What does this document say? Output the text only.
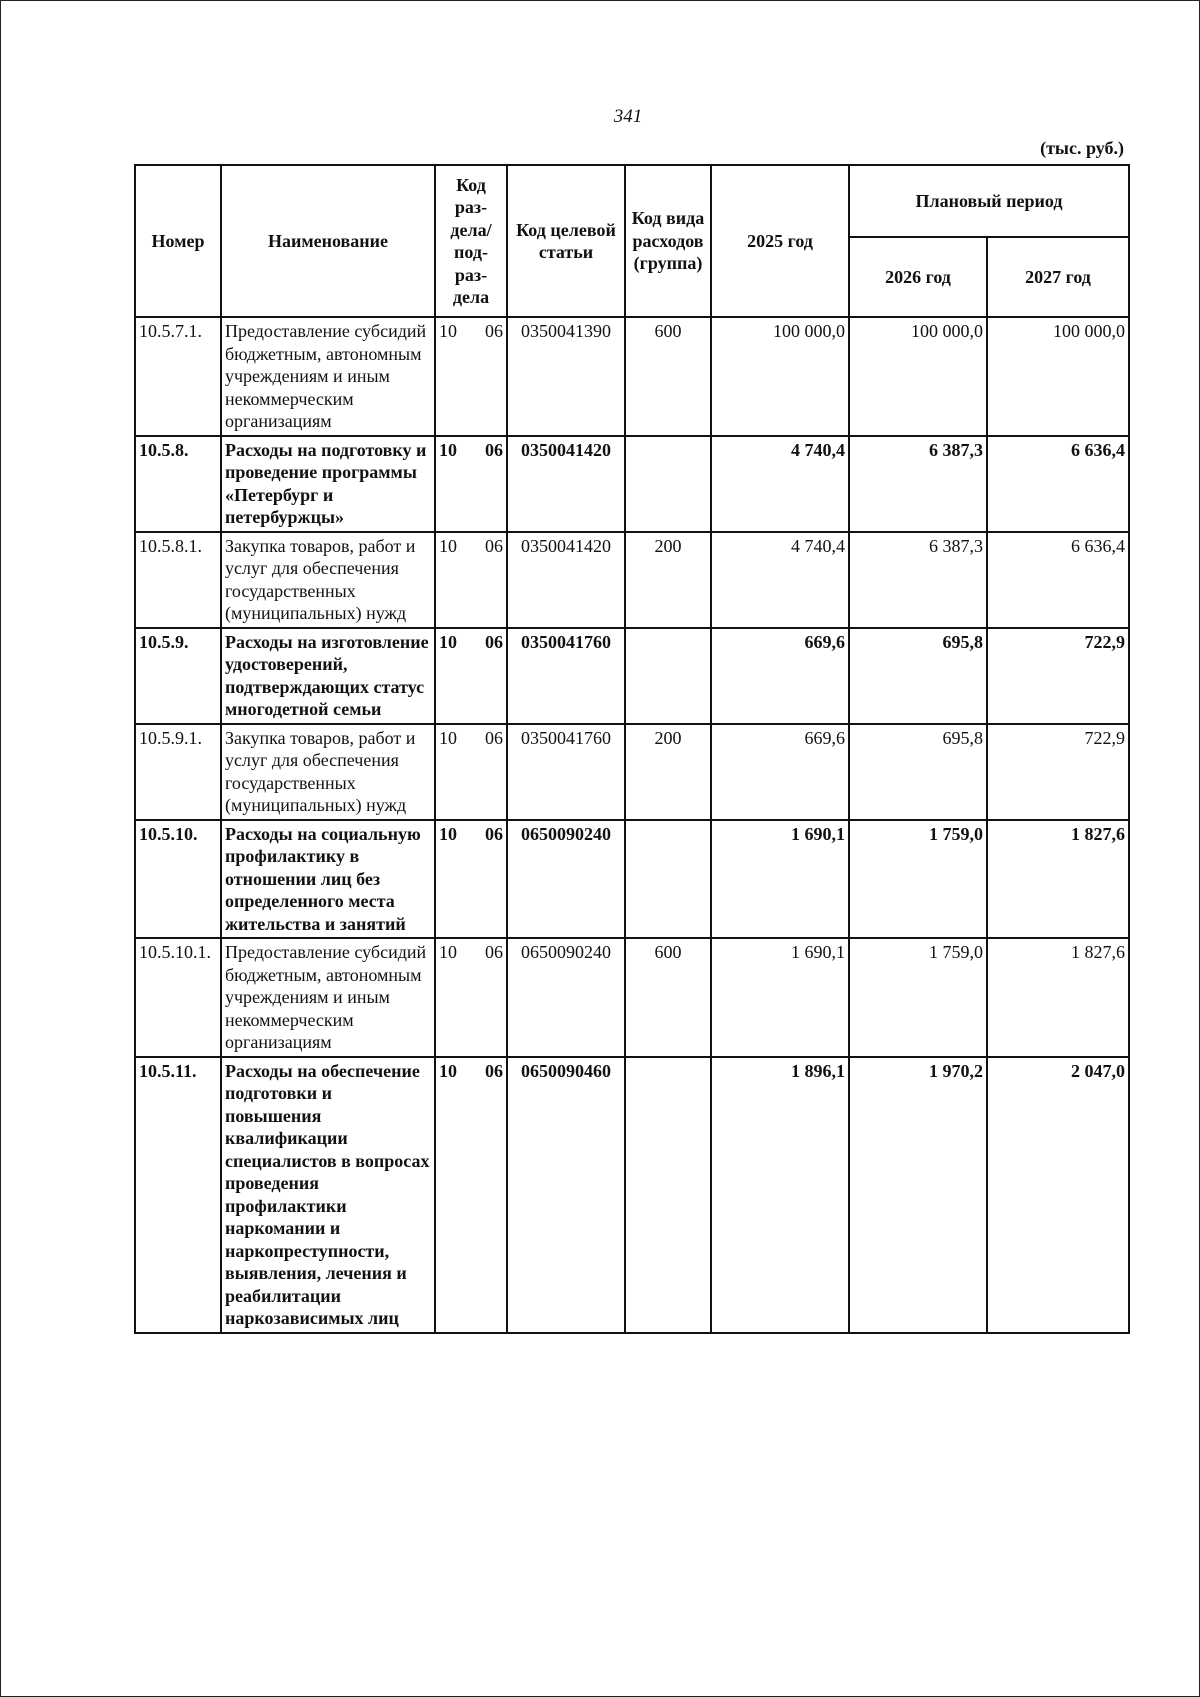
341
(тыс. руб.)
Номер	Наименование	Код раз- дела/ под- раз- дела	Код целевой статьи	Код вида расходов (группа)	2025 год	Плановый период	
						2026 год	2027 год
10.5.7.1.	Предоставление субсидий бюджетным, автономным учреждениям и иным некоммерческим организациям	10 06	0350041390	600	100 000,0	100 000,0	100 000,0
10.5.8.	Расходы на подготовку и проведение программы «Петербург и петербуржцы»	10 06	0350041420		4 740,4	6 387,3	6 636,4
10.5.8.1.	Закупка товаров, работ и услуг для обеспечения государственных (муниципальных) нужд	10 06	0350041420	200	4 740,4	6 387,3	6 636,4
10.5.9.	Расходы на изготовление удостоверений, подтверждающих статус многодетной семьи	10 06	0350041760		669,6	695,8	722,9
10.5.9.1.	Закупка товаров, работ и услуг для обеспечения государственных (муниципальных) нужд	10 06	0350041760	200	669,6	695,8	722,9
10.5.10.	Расходы на социальную профилактику в отношении лиц без определенного места жительства и занятий	10 06	0650090240		1 690,1	1 759,0	1 827,6
10.5.10.1.	Предоставление субсидий бюджетным, автономным учреждениям и иным некоммерческим организациям	10 06	0650090240	600	1 690,1	1 759,0	1 827,6
10.5.11.	Расходы на обеспечение подготовки и повышения квалификации специалистов в вопросах проведения профилактики наркомании и наркопреступности, выявления, лечения и реабилитации наркозависимых лиц	10 06	0650090460		1 896,1	1 970,2	2 047,0
